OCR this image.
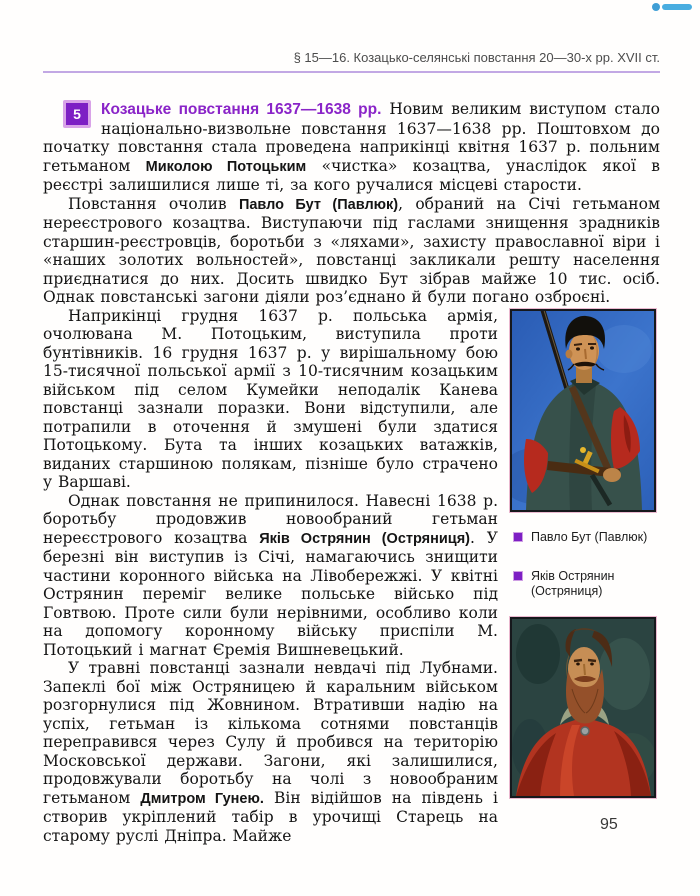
§ 15—16. Козацько-селянські повстання 20—30-х рр. XVII ст.

5	Козацьке повстання 1637—1638 рр. Новим великим виступом стало національно-визвольне повстання 1637—1638 рр. Поштовхом до початку повстання стала проведена наприкінці квітня 1637 р. польним гетьманом Миколою Потоцьким «чистка» козацтва, унаслідок якої в реєстрі залишилися лише ті, за кого ручалися місцеві старости.

Повстання очолив Павло Бут (Павлюк), обраний на Січі гетьманом нереєстрового козацтва. Виступаючи під гаслами знищення зрадників старшин-реєстровців, боротьби з «ляхами», захисту православної віри і «наших золотих вольностей», повстанці закликали решту населення приєднатися до них. Досить швидко Бут зібрав майже 10 тис. осіб. Однак повстанські загони діяли роз’єднано й були погано озброєні.

Павло Бут (Павлюк)
Яків Острянин (Остряниця)

Наприкінці грудня 1637 р. польська армія, очолювана М. Потоцьким, виступила проти бунтівників. 16 грудня 1637 р. у вирішальному бою 15-тисячної польської армії з 10-тисячним козацьким військом під селом Кумейки неподалік Канева повстанці зазнали поразки. Вони відступили, але потрапили в оточення й змушені були здатися Потоцькому. Бута та інших козацьких ватажків, виданих старшиною полякам, пізніше було страчено у Варшаві.

Однак повстання не припинилося. Навесні 1638 р. боротьбу продовжив новообраний гетьман нереєстрового козацтва Яків Острянин (Остряниця). У березні він виступив із Січі, намагаючись знищити частини коронного війська на Лівобережжі. У квітні Острянин переміг велике польське військо під Говтвою. Проте сили були нерівними, особливо коли на допомогу коронному війську приспіли М. Потоцький і магнат Єремія Вишневецький.

У травні повстанці зазнали невдачі під Лубнами. Запеклі бої між Остряницею й каральним військом розгорнулися під Жовнином. Втративши надію на успіх, гетьман із кількома сотнями повстанців переправився через Сулу й пробився на територію Московської держави. Загони, які залишилися, продовжували боротьбу на чолі з новообраним гетьманом Дмитром Гунею. Він відійшов на південь і створив укріплений табір в урочищі Старець на старому руслі Дніпра. Майже

95
